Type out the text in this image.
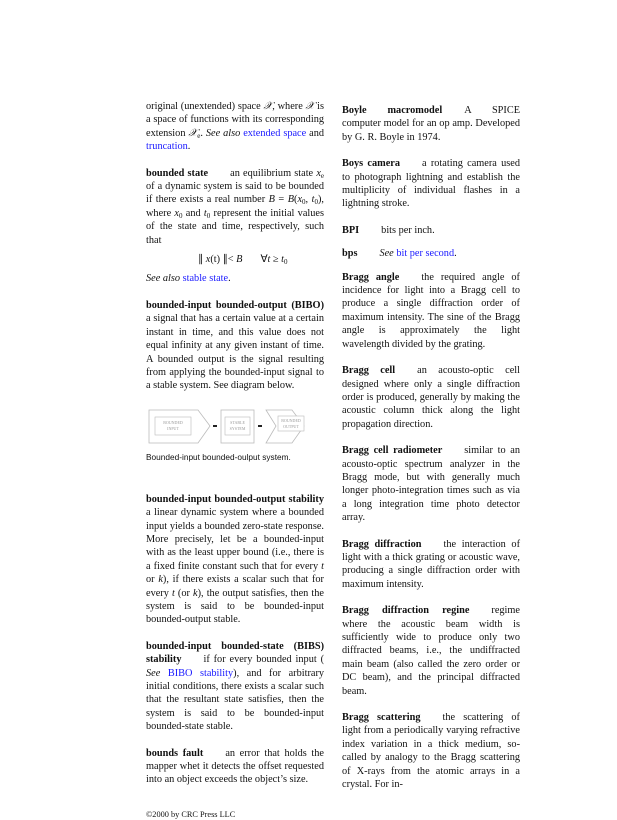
original (unextended) space 𝒳, where 𝒳 is a space of functions with its corresponding extension 𝒳$_e$. See also extended space and truncation.
bounded state an equilibrium state $x_e$ of a dynamic system is said to be bounded if there exists a real number $B = B(x_0$, $t_0$), where $x_0$ and $t_0$ represent the initial values of the state and time, respectively, such that
∥ x(t) ∥< B ∀t ≥ $t_0$
See also stable state.
bounded-input bounded-output (BIBO) a signal that has a certain value at a certain instant in time, and this value does not equal infinity at any given instant of time. A bounded output is the signal resulting from applying the bounded-input signal to a stable system. See diagram below.
BOUNDED
INPUT
STABLE
SYSTEM
BOUNDED
OUTPUT
Bounded-input bounded-oulput system.
bounded-input bounded-output stability a linear dynamic system where a bounded input yields a bounded zero-state response. More precisely, let be a bounded-input with as the least upper bound (i.e., there is a fixed finite constant such that for every t or k), if there exists a scalar such that for every t (or k), the output satisfies, then the system is said to be bounded-input bounded-output stable.
bounded-input bounded-state (BIBS) stability if for every bounded input ( See BIBO stability), and for arbitrary initial conditions, there exists a scalar such that the resultant state satisfies, then the system is said to be bounded-input bounded-state stable.
bounds fault an error that holds the mapper whet it detects the offset requested into an object exceeds the object’s size.
©2000 by CRC Press LLC
Boyle macromodel A SPICE computer model for an op amp. Developed by G. R. Boyle in 1974.
Boys camera a rotating camera used to photograph lightning and establish the multiplicity of individual flashes in a lightning stroke.
BPI bits per inch.
bps See bit per second.
Bragg angle the required angle of incidence for light into a Bragg cell to produce a single diffraction order of maximum intensity. The sine of the Bragg angle is approximately the light wavelength divided by the grating.
Bragg cell an acousto-optic cell designed where only a single diffraction order is produced, generally by making the acoustic column thick along the light propagation direction.
Bragg cell radiometer similar to an acousto-optic spectrum analyzer in the Bragg mode, but with generally much longer photo-integration times such as via a long integration time photo detector array.
Bragg diffraction the interaction of light with a thick grating or acoustic wave, producing a single diffraction order with maximum intensity.
Bragg diffraction regine regime where the acoustic beam width is sufficiently wide to produce only two diffracted beams, i.e., the undiffracted main beam (also called the zero order or DC beam), and the principal diffracted beam.
Bragg scattering the scattering of light from a periodically varying refractive index variation in a thick medium, so-called by analogy to the Bragg scattering of X-rays from the atomic arrays in a crystal. For in-
